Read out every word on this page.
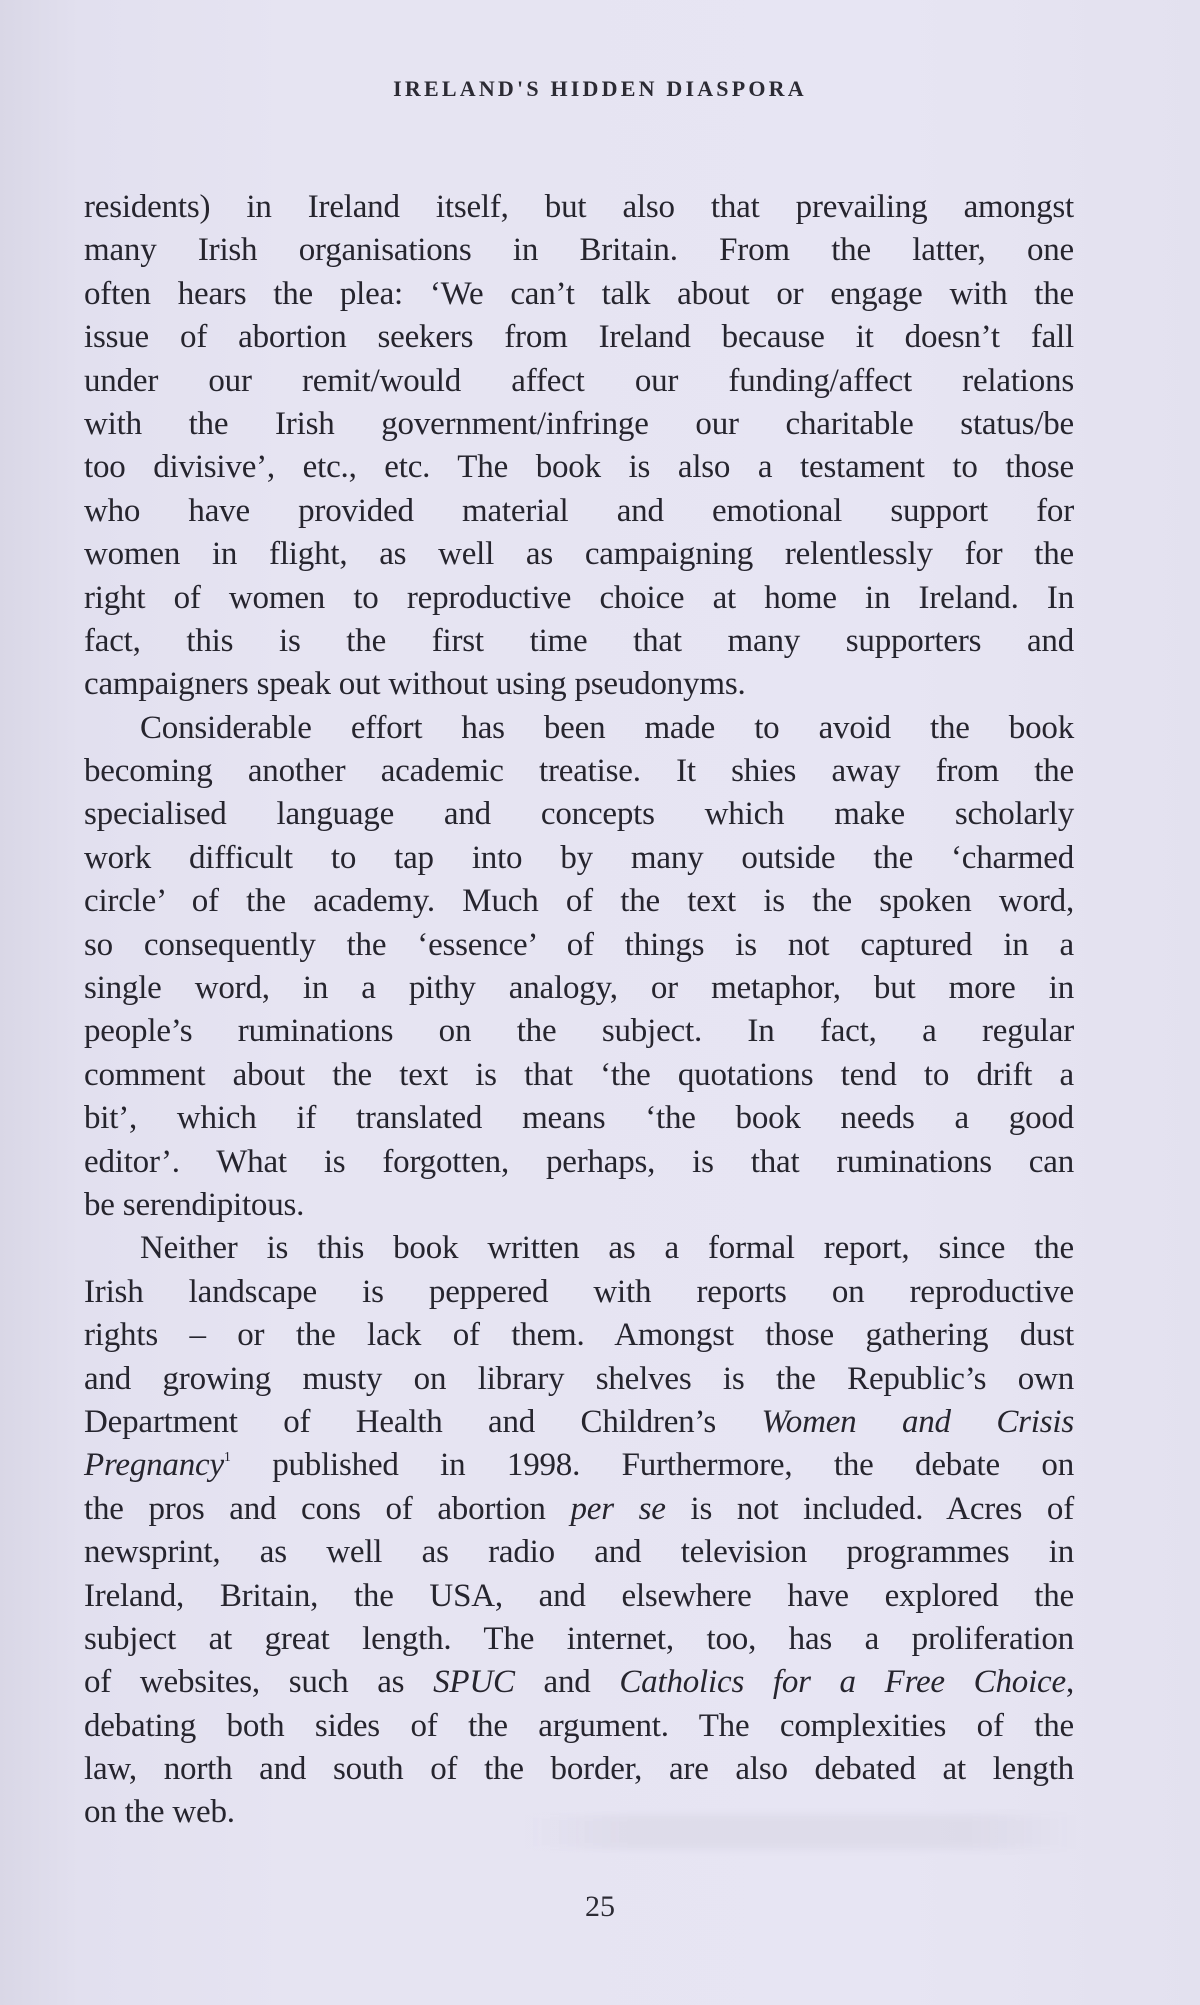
IRELAND'S HIDDEN DIASPORA
residents) in Ireland itself, but also that prevailing amongst
many Irish organisations in Britain. From the latter, one
often hears the plea: ‘We can’t talk about or engage with the
issue of abortion seekers from Ireland because it doesn’t fall
under our remit/would affect our funding/affect relations
with the Irish government/infringe our charitable status/be
too divisive’, etc., etc. The book is also a testament to those
who have provided material and emotional support for
women in flight, as well as campaigning relentlessly for the
right of women to reproductive choice at home in Ireland. In
fact, this is the first time that many supporters and
campaigners speak out without using pseudonyms.
Considerable effort has been made to avoid the book
becoming another academic treatise. It shies away from the
specialised language and concepts which make scholarly
work difficult to tap into by many outside the ‘charmed
circle’ of the academy. Much of the text is the spoken word,
so consequently the ‘essence’ of things is not captured in a
single word, in a pithy analogy, or metaphor, but more in
people’s ruminations on the subject. In fact, a regular
comment about the text is that ‘the quotations tend to drift a
bit’, which if translated means ‘the book needs a good
editor’. What is forgotten, perhaps, is that ruminations can
be serendipitous.
Neither is this book written as a formal report, since the
Irish landscape is peppered with reports on reproductive
rights – or the lack of them. Amongst those gathering dust
and growing musty on library shelves is the Republic’s own
Department of Health and Children’s Women and Crisis
Pregnancy$^1$ published in 1998. Furthermore, the debate on
the pros and cons of abortion per se is not included. Acres of
newsprint, as well as radio and television programmes in
Ireland, Britain, the USA, and elsewhere have explored the
subject at great length. The internet, too, has a proliferation
of websites, such as SPUC and Catholics for a Free Choice,
debating both sides of the argument. The complexities of the
law, north and south of the border, are also debated at length
on the web.
25
